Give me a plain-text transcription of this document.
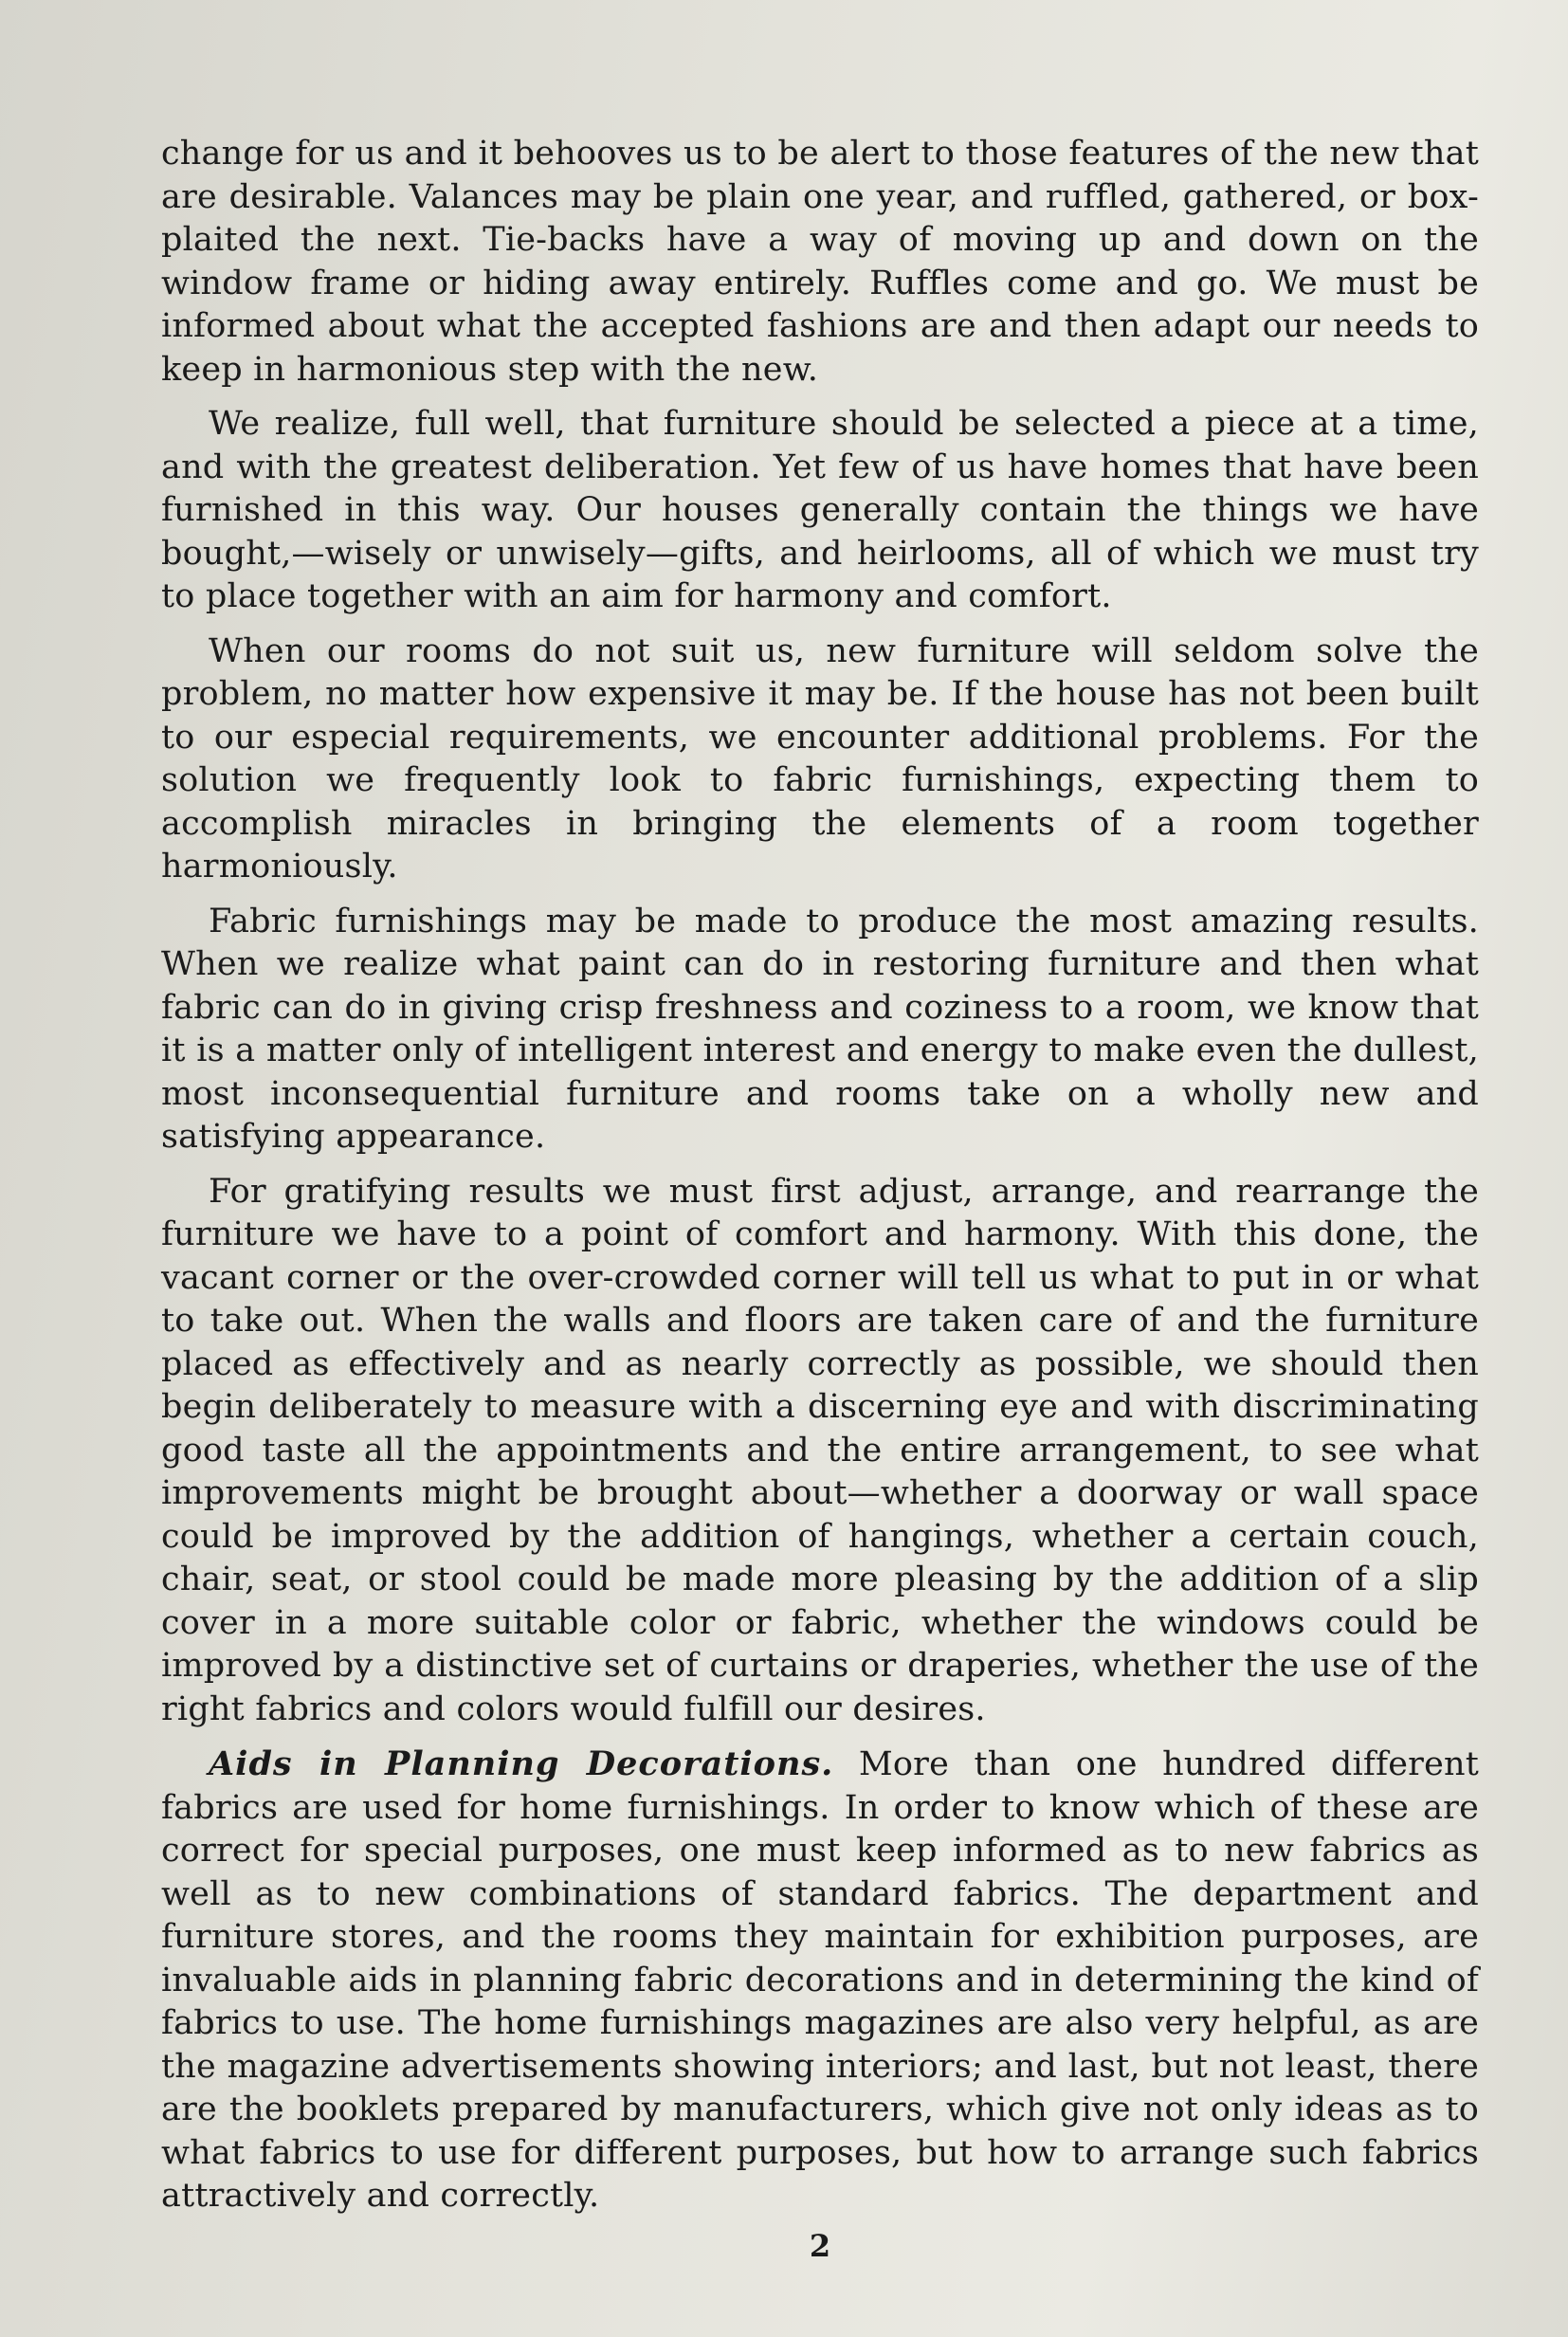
change for us and it behooves us to be alert to those features of the new that are desirable. Valances may be plain one year, and ruffled, gathered, or box-plaited the next. Tie-backs have a way of moving up and down on the window frame or hiding away entirely. Ruffles come and go. We must be informed about what the accepted fashions are and then adapt our needs to keep in harmonious step with the new.

We realize, full well, that furniture should be selected a piece at a time, and with the greatest deliberation. Yet few of us have homes that have been furnished in this way. Our houses generally contain the things we have bought,—wisely or unwisely—gifts, and heirlooms, all of which we must try to place together with an aim for harmony and comfort.

When our rooms do not suit us, new furniture will seldom solve the problem, no matter how expensive it may be. If the house has not been built to our especial requirements, we encounter additional problems. For the solution we frequently look to fabric furnishings, expecting them to accomplish miracles in bringing the elements of a room together harmoniously.

Fabric furnishings may be made to produce the most amazing results. When we realize what paint can do in restoring furniture and then what fabric can do in giving crisp freshness and coziness to a room, we know that it is a matter only of intelligent interest and energy to make even the dullest, most inconsequential furniture and rooms take on a wholly new and satisfying appearance.

For gratifying results we must first adjust, arrange, and rearrange the furniture we have to a point of comfort and harmony. With this done, the vacant corner or the over-crowded corner will tell us what to put in or what to take out. When the walls and floors are taken care of and the furniture placed as effectively and as nearly correctly as possible, we should then begin deliberately to measure with a discerning eye and with discriminating good taste all the appointments and the entire arrangement, to see what improvements might be brought about—whether a doorway or wall space could be improved by the addition of hangings, whether a certain couch, chair, seat, or stool could be made more pleasing by the addition of a slip cover in a more suitable color or fabric, whether the windows could be improved by a distinctive set of curtains or draperies, whether the use of the right fabrics and colors would fulfill our desires.

Aids in Planning Decorations. More than one hundred different fabrics are used for home furnishings. In order to know which of these are correct for special purposes, one must keep informed as to new fabrics as well as to new combinations of standard fabrics. The department and furniture stores, and the rooms they maintain for exhibition purposes, are invaluable aids in planning fabric decorations and in determining the kind of fabrics to use. The home furnishings magazines are also very helpful, as are the magazine advertisements showing interiors; and last, but not least, there are the booklets prepared by manufacturers, which give not only ideas as to what fabrics to use for different purposes, but how to arrange such fabrics attractively and correctly.

2
